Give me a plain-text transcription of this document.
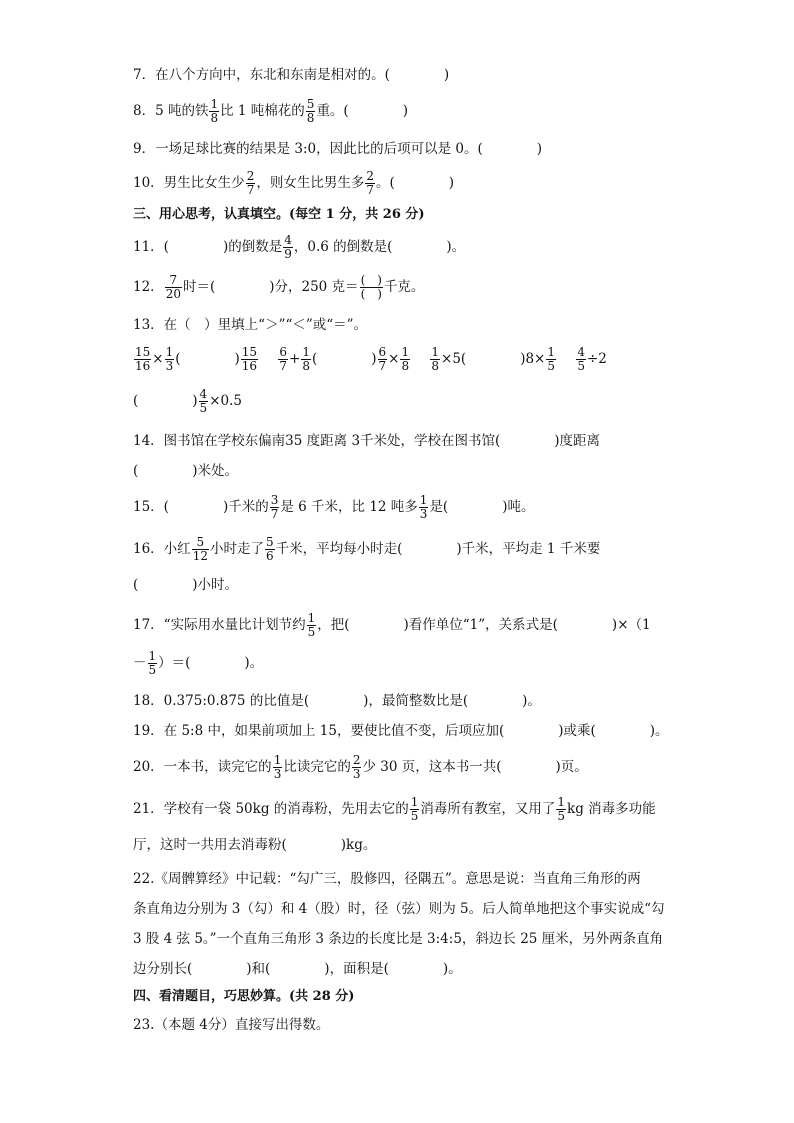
7．在八个方向中，东北和东南是相对的。(　　　　)
8．5 吨的铁 $\frac{1}{8}$ 比 1 吨棉花的 $\frac{5}{8}$ 重。(　　　　)
9．一场足球比赛的结果是 3:0，因此比的后项可以是 0。(　　　　)
10．男生比女生少 $\frac{2}{7}$ ，则女生比男生多 $\frac{2}{7}$ 。(　　　　)
三、用心思考，认真填空。(每空 1 分，共 26 分)
11．(　　　　)的倒数是 $\frac{4}{9}$ ，0.6 的倒数是(　　　　)。
12． $\frac{7}{20}$ 时＝(　　　　)分，250 克＝ $\frac{( )}{( )}$ 千克。
13．在（　）里填上“＞”“＜”或“＝”。
$\frac{15}{16} \times \frac{1}{3}$ (　　　　) $\frac{15}{16}$
$\frac{6}{7} + \frac{1}{8}$ (　　　　) $\frac{6}{7} \times \frac{1}{8}$
$\frac{1}{8} \times 5$(　　　　)$8\times \frac{1}{5}$
$\frac{4}{5} \div 2$
(　　　　) $\frac{4}{5} \times 0.5$
14．图书馆在学校东偏南35 度距离 3千米处，学校在图书馆(　　　　)度距离
(　　　　)米处。
15．(　　　　)千米的 $\frac{3}{7}$ 是 6 千米，比 12 吨多 $\frac{1}{3}$ 是(　　　　)吨。
16．小红 $\frac{5}{12}$ 小时走了 $\frac{5}{6}$ 千米，平均每小时走(　　　　)千米，平均走 1 千米要
(　　　　)小时。
17．“实际用水量比计划节约 $\frac{1}{5}$ ，把(　　　　)看作单位“1”，关系式是(　　　　)×（1
－ $\frac{1}{5}$ ）＝(　　　　)。
18．0.375:0.875 的比值是(　　　　)，最简整数比是(　　　　)。
19．在 5:8 中，如果前项加上 15，要使比值不变，后项应加(　　　　)或乘(　　　　)。
20．一本书，读完它的 $\frac{1}{3}$ 比读完它的 $\frac{2}{3}$ 少 30 页，这本书一共(　　　　)页。
21．学校有一袋 50kg 的消毒粉，先用去它的 $\frac{1}{5}$ 消毒所有教室，又用了 $\frac{1}{5}$ kg 消毒多功能
厅，这时一共用去消毒粉(　　　　)kg。
22.《周髀算经》中记载：“勾广三，股修四，径隅五”。意思是说：当直角三角形的两
条直角边分别为 3（勾）和 4（股）时，径（弦）则为 5。后人简单地把这个事实说成“勾
3 股 4 弦 5。”一个直角三角形 3 条边的长度比是 3:4:5，斜边长 25 厘米，另外两条直角
边分别长(　　　　)和(　　　　)，面积是(　　　　)。
四、看清题目，巧思妙算。(共 28 分)
23.（本题 4分）直接写出得数。
